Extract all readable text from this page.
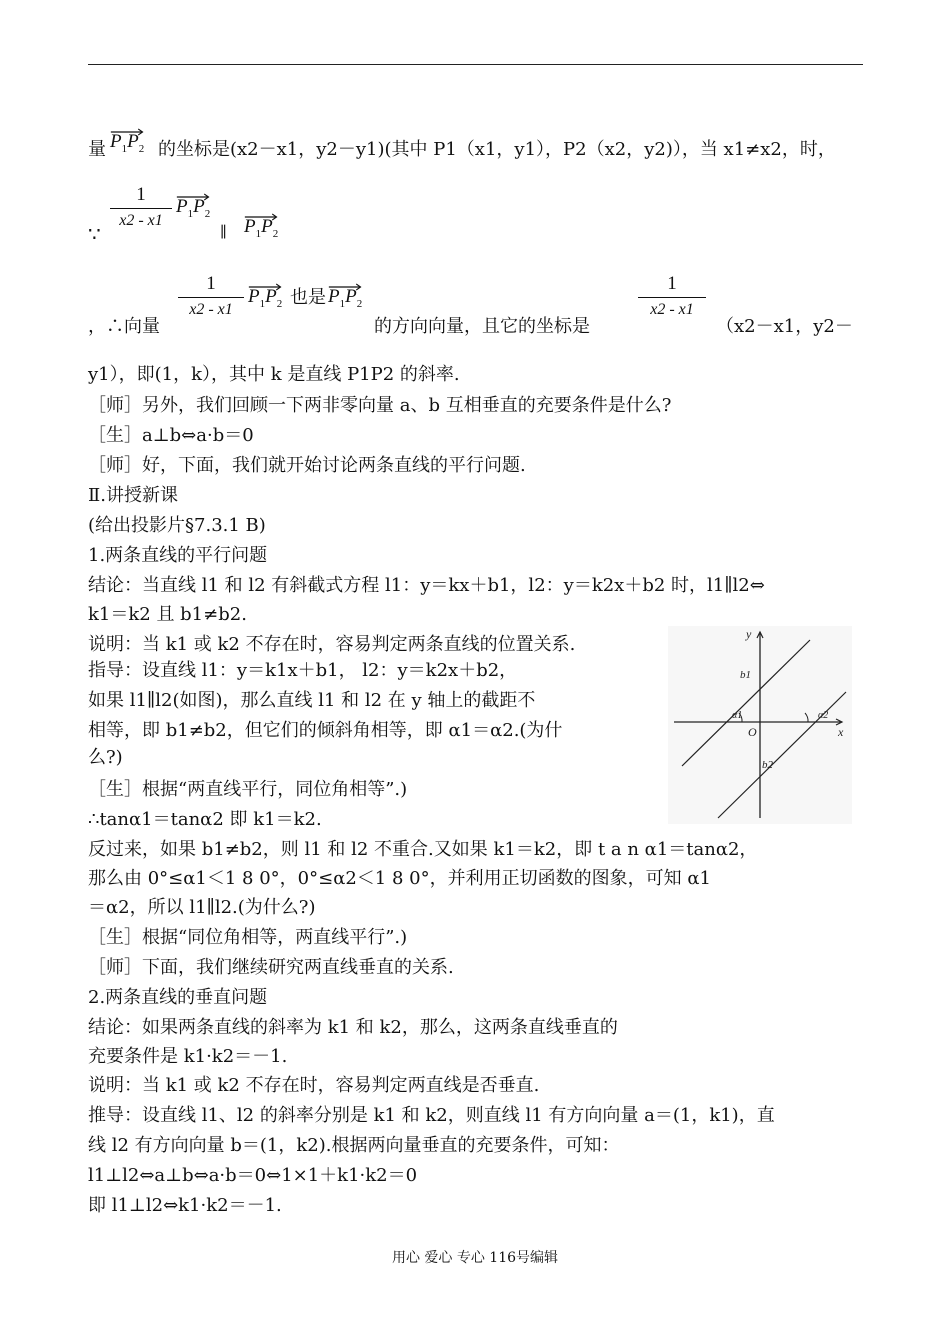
量 $P_1P_2$ 的坐标是(x2－x1，y2－y1)(其中 P1（x1，y1），P2（x2，y2)），当 x1≠x2，时，
∵
1
x2 - x1
$P_1P_2$
∥ $P_1P_2$
，∴向量
1
x2 - x1
$P_1P_2$ 也是 $P_1P_2$
的方向向量，且它的坐标是
1
x2 - x1
（x2－x1，y2－
y1），即(1，k），其中 k 是直线 P1P2 的斜率.
［师］另外，我们回顾一下两非零向量 a、b 互相垂直的充要条件是什么?
［生］a⊥b⇔a·b＝0
［师］好，下面，我们就开始讨论两条直线的平行问题.
Ⅱ.讲授新课
(给出投影片§7.3.1 B)
1.两条直线的平行问题
结论：当直线 l1 和 l2 有斜截式方程 l1：y＝kx＋b1，l2：y＝k2x＋b2 时，l1∥l2⇔
k1＝k2 且 b1≠b2.
说明：当 k1 或 k2 不存在时，容易判定两条直线的位置关系.
指导：设直线 l1：y＝k1x＋b1， l2：y＝k2x＋b2，
如果 l1∥l2(如图)，那么直线 l1 和 l2 在 y 轴上的截距不
相等，即 b1≠b2，但它们的倾斜角相等，即 α1＝α2.(为什
么?)
y
x
O
b1
b2
α1	α2
［生］根据“两直线平行，同位角相等”.)
∴tanα1＝tanα2 即 k1＝k2.
反过来，如果 b1≠b2，则 l1 和 l2 不重合.又如果 k1＝k2，即 t a n α1＝tanα2，
那么由 0°≤α1＜1 8 0°，0°≤α2＜1 8 0°，并利用正切函数的图象，可知 α1
＝α2，所以 l1∥l2.(为什么?)
［生］根据“同位角相等，两直线平行”.)
［师］下面，我们继续研究两直线垂直的关系.
2.两条直线的垂直问题
结论：如果两条直线的斜率为 k1 和 k2，那么，这两条直线垂直的
充要条件是 k1·k2＝－1.
说明：当 k1 或 k2 不存在时，容易判定两直线是否垂直.
推导：设直线 l1、l2 的斜率分别是 k1 和 k2，则直线 l1 有方向向量 a＝(1，k1)，直
线 l2 有方向向量 b＝(1，k2).根据两向量垂直的充要条件，可知：
l1⊥l2⇔a⊥b⇔a·b＝0⇔1×1＋k1·k2＝0
即 l1⊥l2⇔k1·k2＝－1.
用心 爱心 专心 116号编辑
